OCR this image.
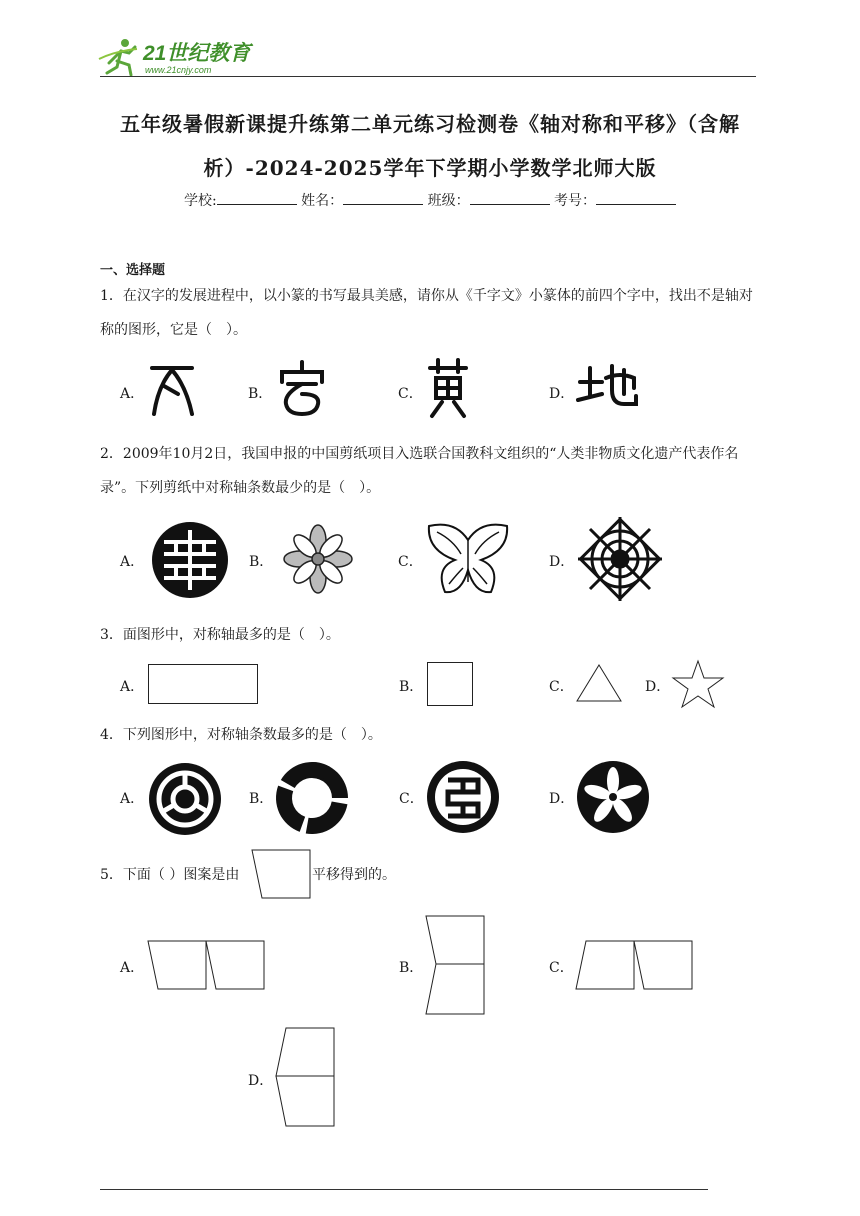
21世纪教育
www.21cnjy.com
五年级暑假新课提升练第二单元练习检测卷《轴对称和平移》（含解
析）-2024-2025学年下学期小学数学北师大版
学校:	姓名：	班级：	考号：
一、选择题
1．在汉字的发展进程中，以小篆的书写最具美感，请你从《千字文》小篆体的前四个字中，找出不是轴对称的图形，它是（　）。
A．	B．	C．	D．
2．2009年10月2日，我国申报的中国剪纸项目入选联合国教科文组织的“人类非物质文化遗产代表作名录”。下列剪纸中对称轴条数最少的是（　）。
A．	B．	C．	D．
3．面图形中，对称轴最多的是（　）。
A．	B．	C．	D．
4．下列图形中，对称轴条数最多的是（　）。
A．	B．	C．	D．
5．下面（ ）图案是由	平移得到的。
A．	B．	C．
D．
